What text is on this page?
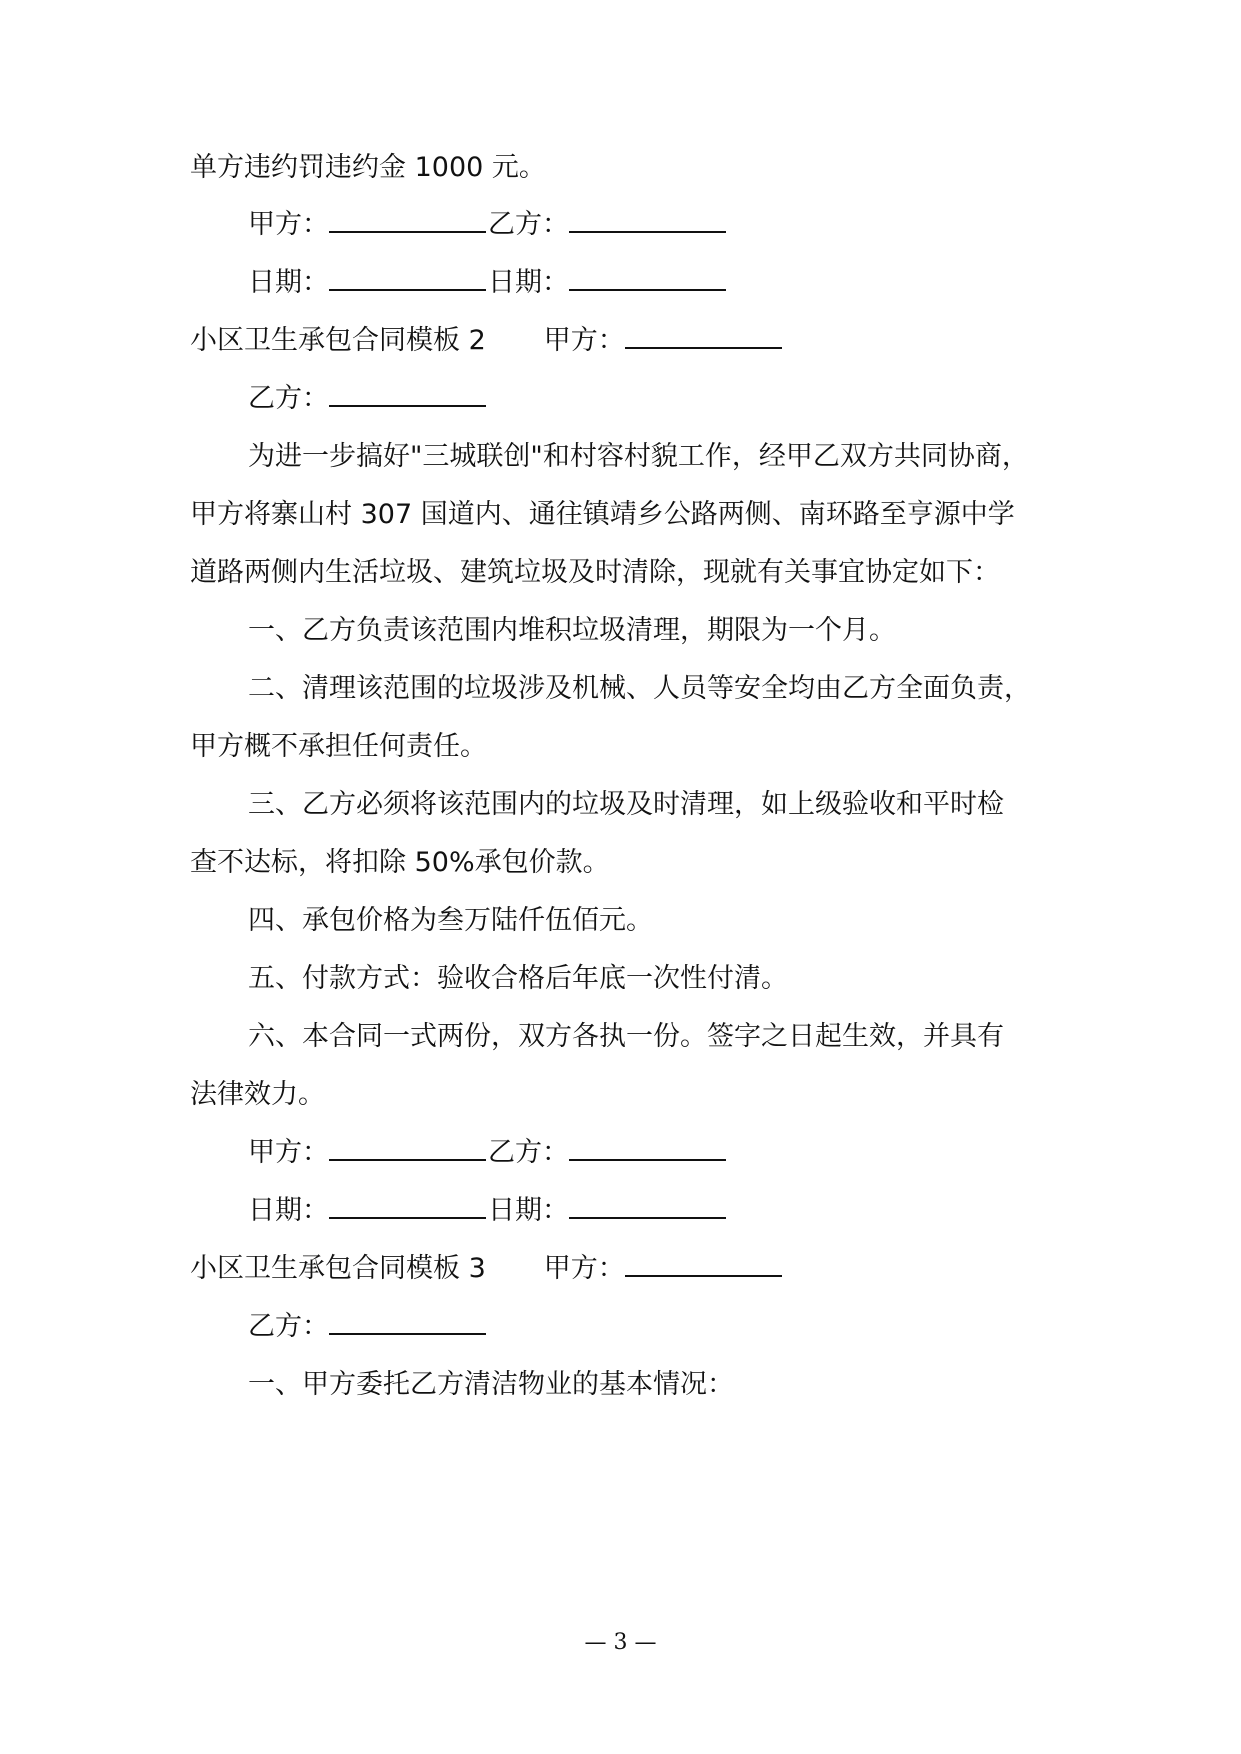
单方违约罚违约金 1000 元。
甲方：	乙方：
日期：	日期：
小区卫生承包合同模板 2 甲方：
乙方：
为进一步搞好"三城联创"和村容村貌工作，经甲乙双方共同协商，
甲方将寨山村 307 国道内、通往镇靖乡公路两侧、南环路至亨源中学
道路两侧内生活垃圾、建筑垃圾及时清除，现就有关事宜协定如下：
一、乙方负责该范围内堆积垃圾清理，期限为一个月。
二、清理该范围的垃圾涉及机械、人员等安全均由乙方全面负责，
甲方概不承担任何责任。
三、乙方必须将该范围内的垃圾及时清理，如上级验收和平时检
查不达标，将扣除 50%承包价款。
四、承包价格为叁万陆仟伍佰元。
五、付款方式：验收合格后年底一次性付清。
六、本合同一式两份，双方各执一份。签字之日起生效，并具有
法律效力。
甲方：	乙方：
日期：	日期：
小区卫生承包合同模板 3 甲方：
乙方：
一、甲方委托乙方清洁物业的基本情况：
— 3 —
